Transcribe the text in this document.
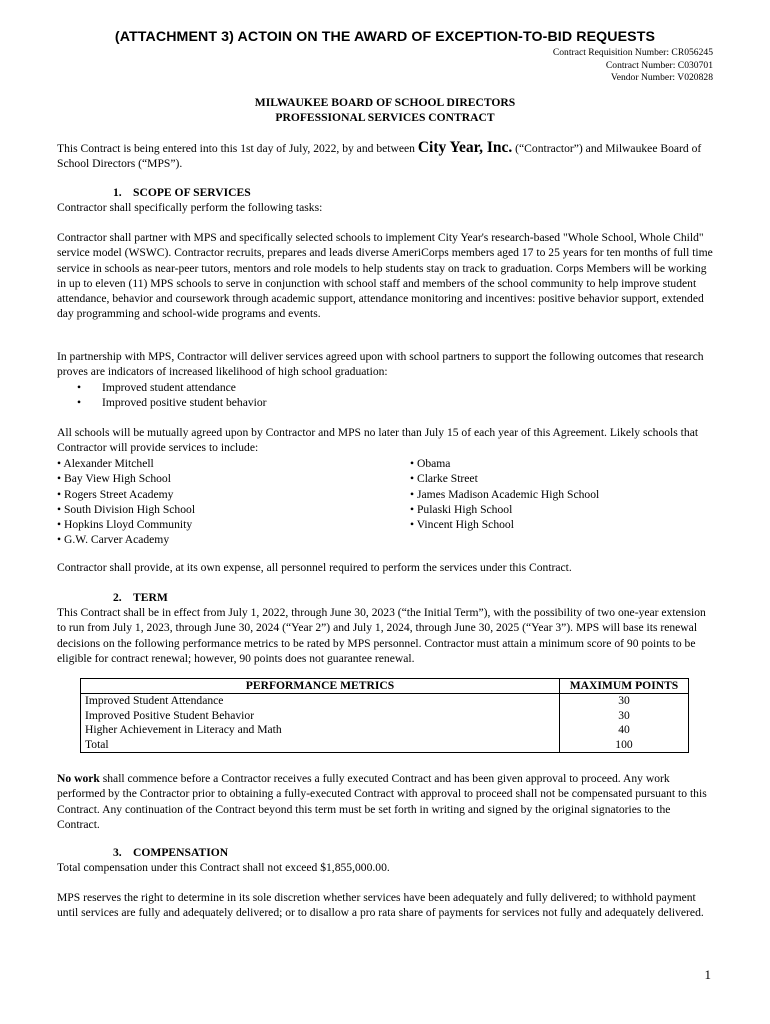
(ATTACHMENT 3) ACTOIN ON THE AWARD OF EXCEPTION-TO-BID REQUESTS
Contract Requisition Number: CR056245
Contract Number: C030701
Vendor Number: V020828
MILWAUKEE BOARD OF SCHOOL DIRECTORS
PROFESSIONAL SERVICES CONTRACT
This Contract is being entered into this 1st day of July, 2022, by and between City Year, Inc. (“Contractor”) and Milwaukee Board of School Directors (“MPS”).
1. SCOPE OF SERVICES
Contractor shall specifically perform the following tasks:
Contractor shall partner with MPS and specifically selected schools to implement City Year's research-based "Whole School, Whole Child" service model (WSWC). Contractor recruits, prepares and leads diverse AmeriCorps members aged 17 to 25 years for ten months of full time service in schools as near-peer tutors, mentors and role models to help students stay on track to graduation. Corps Members will be working in up to eleven (11) MPS schools to serve in conjunction with school staff and members of the school community to help improve student attendance, behavior and coursework through academic support, attendance monitoring and incentives: positive behavior support, extended day programming and school-wide programs and events.
In partnership with MPS, Contractor will deliver services agreed upon with school partners to support the following outcomes that research proves are indicators of increased likelihood of high school graduation:
• Improved student attendance
• Improved positive student behavior
All schools will be mutually agreed upon by Contractor and MPS no later than July 15 of each year of this Agreement. Likely schools that Contractor will provide services to include:
• Alexander Mitchell
• Bay View High School
• Rogers Street Academy
• South Division High School
• Hopkins Lloyd Community
• G.W. Carver Academy
• Obama
• Clarke Street
• James Madison Academic High School
• Pulaski High School
• Vincent High School
Contractor shall provide, at its own expense, all personnel required to perform the services under this Contract.
2. TERM
This Contract shall be in effect from July 1, 2022, through June 30, 2023 (“the Initial Term”), with the possibility of two one-year extension to run from July 1, 2023, through June 30, 2024 (“Year 2”) and July 1, 2024, through June 30, 2025 (“Year 3”). MPS will base its renewal decisions on the following performance metrics to be rated by MPS personnel. Contractor must attain a minimum score of 90 points to be eligible for contract renewal; however, 90 points does not guarantee renewal.
PERFORMANCE METRICS	MAXIMUM POINTS
Improved Student Attendance	30
Improved Positive Student Behavior	30
Higher Achievement in Literacy and Math	40
Total	100
No work shall commence before a Contractor receives a fully executed Contract and has been given approval to proceed. Any work performed by the Contractor prior to obtaining a fully-executed Contract with approval to proceed shall not be compensated pursuant to this Contract. Any continuation of the Contract beyond this term must be set forth in writing and signed by the original signatories to the Contract.
3. COMPENSATION
Total compensation under this Contract shall not exceed $1,855,000.00.
MPS reserves the right to determine in its sole discretion whether services have been adequately and fully delivered; to withhold payment until services are fully and adequately delivered; or to disallow a pro rata share of payments for services not fully and adequately delivered.
1
